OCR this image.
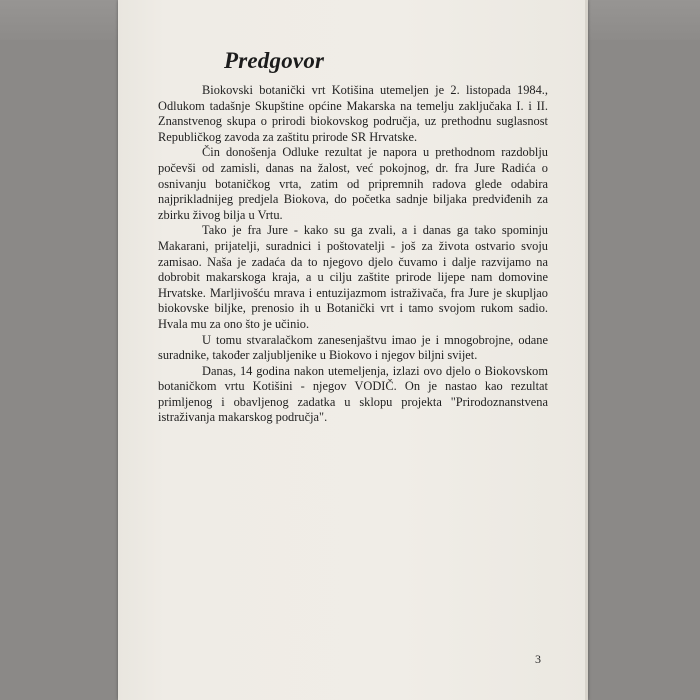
Predgovor

Biokovski botanički vrt Kotišina utemeljen je 2. listopada 1984., Odlukom tadašnje Skupštine općine Makarska na temelju zaključaka I. i II. Znanstvenog skupa o prirodi biokovskog područja, uz prethodnu suglasnost Republičkog zavoda za zaštitu prirode SR Hrvatske.

Čin donošenja Odluke rezultat je napora u prethodnom razdoblju počevši od zamisli, danas na žalost, već pokojnog, dr. fra Jure Radića o osnivanju botaničkog vrta, zatim od pripremnih radova glede odabira najprikladnijeg predjela Biokova, do početka sadnje biljaka predviđenih za zbirku živog bilja u Vrtu.

Tako je fra Jure - kako su ga zvali, a i danas ga tako spominju Makarani, prijatelji, suradnici i poštovatelji - još za života ostvario svoju zamisao. Naša je zadaća da to njegovo djelo čuvamo i dalje razvijamo na dobrobit makarskoga kraja, a u cilju zaštite prirode lijepe nam domovine Hrvatske. Marljivošću mrava i entuzijazmom istraživača, fra Jure je skupljao biokovske biljke, prenosio ih u Botanički vrt i tamo svojom rukom sadio. Hvala mu za ono što je učinio.

U tomu stvaralačkom zanesenjaštvu imao je i mnogobrojne, odane suradnike, također zaljubljenike u Biokovo i njegov biljni svijet.

Danas, 14 godina nakon utemeljenja, izlazi ovo djelo o Biokovskom botaničkom vrtu Kotišini - njegov VODIČ. On je nastao kao rezultat primljenog i obavljenog zadatka u sklopu projekta "Prirodoznanstvena istraživanja makarskog područja".

3
